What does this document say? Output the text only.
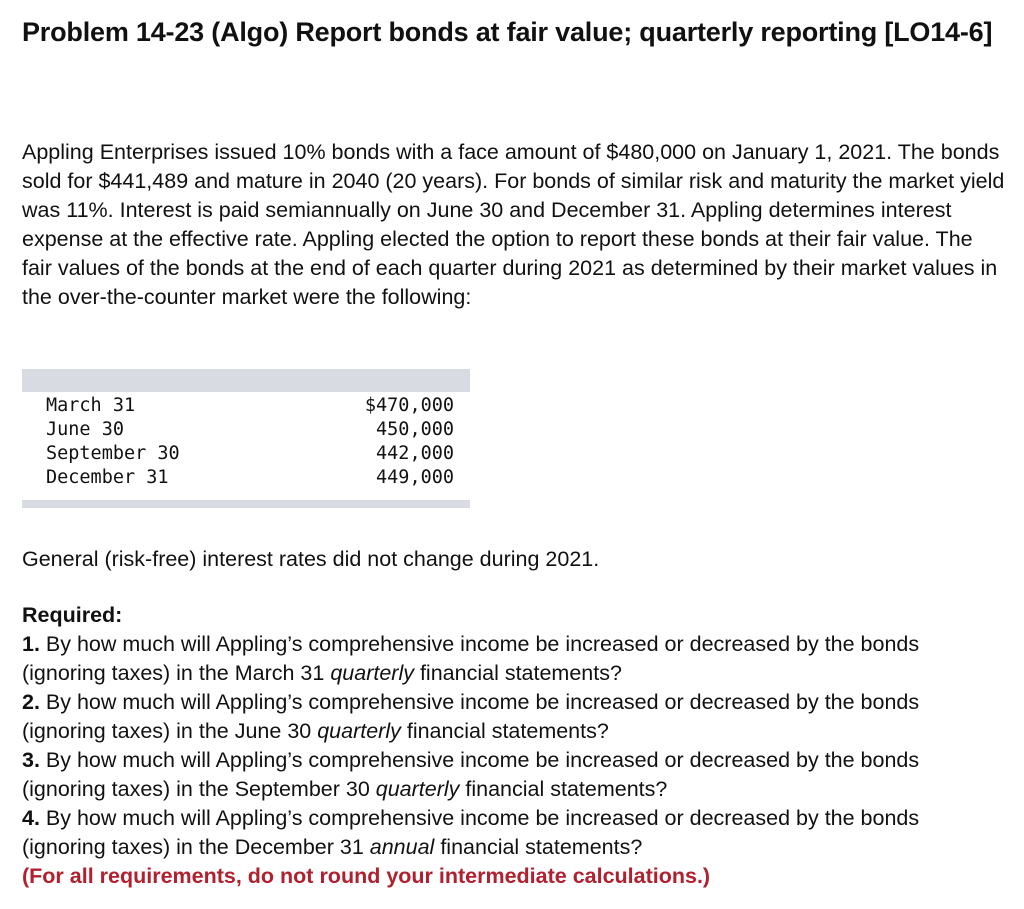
Problem 14-23 (Algo) Report bonds at fair value; quarterly reporting [LO14-6]

Appling Enterprises issued 10% bonds with a face amount of $480,000 on January 1, 2021. The bonds sold for $441,489 and mature in 2040 (20 years). For bonds of similar risk and maturity the market yield was 11%. Interest is paid semiannually on June 30 and December 31. Appling determines interest expense at the effective rate. Appling elected the option to report these bonds at their fair value. The fair values of the bonds at the end of each quarter during 2021 as determined by their market values in the over-the-counter market were the following:

March 31	$470,000
June 30	450,000
September 30	442,000
December 31	449,000

General (risk-free) interest rates did not change during 2021.

Required:
1. By how much will Appling’s comprehensive income be increased or decreased by the bonds (ignoring taxes) in the March 31 quarterly financial statements?
2. By how much will Appling’s comprehensive income be increased or decreased by the bonds (ignoring taxes) in the June 30 quarterly financial statements?
3. By how much will Appling’s comprehensive income be increased or decreased by the bonds (ignoring taxes) in the September 30 quarterly financial statements?
4. By how much will Appling’s comprehensive income be increased or decreased by the bonds (ignoring taxes) in the December 31 annual financial statements?
(For all requirements, do not round your intermediate calculations.)
